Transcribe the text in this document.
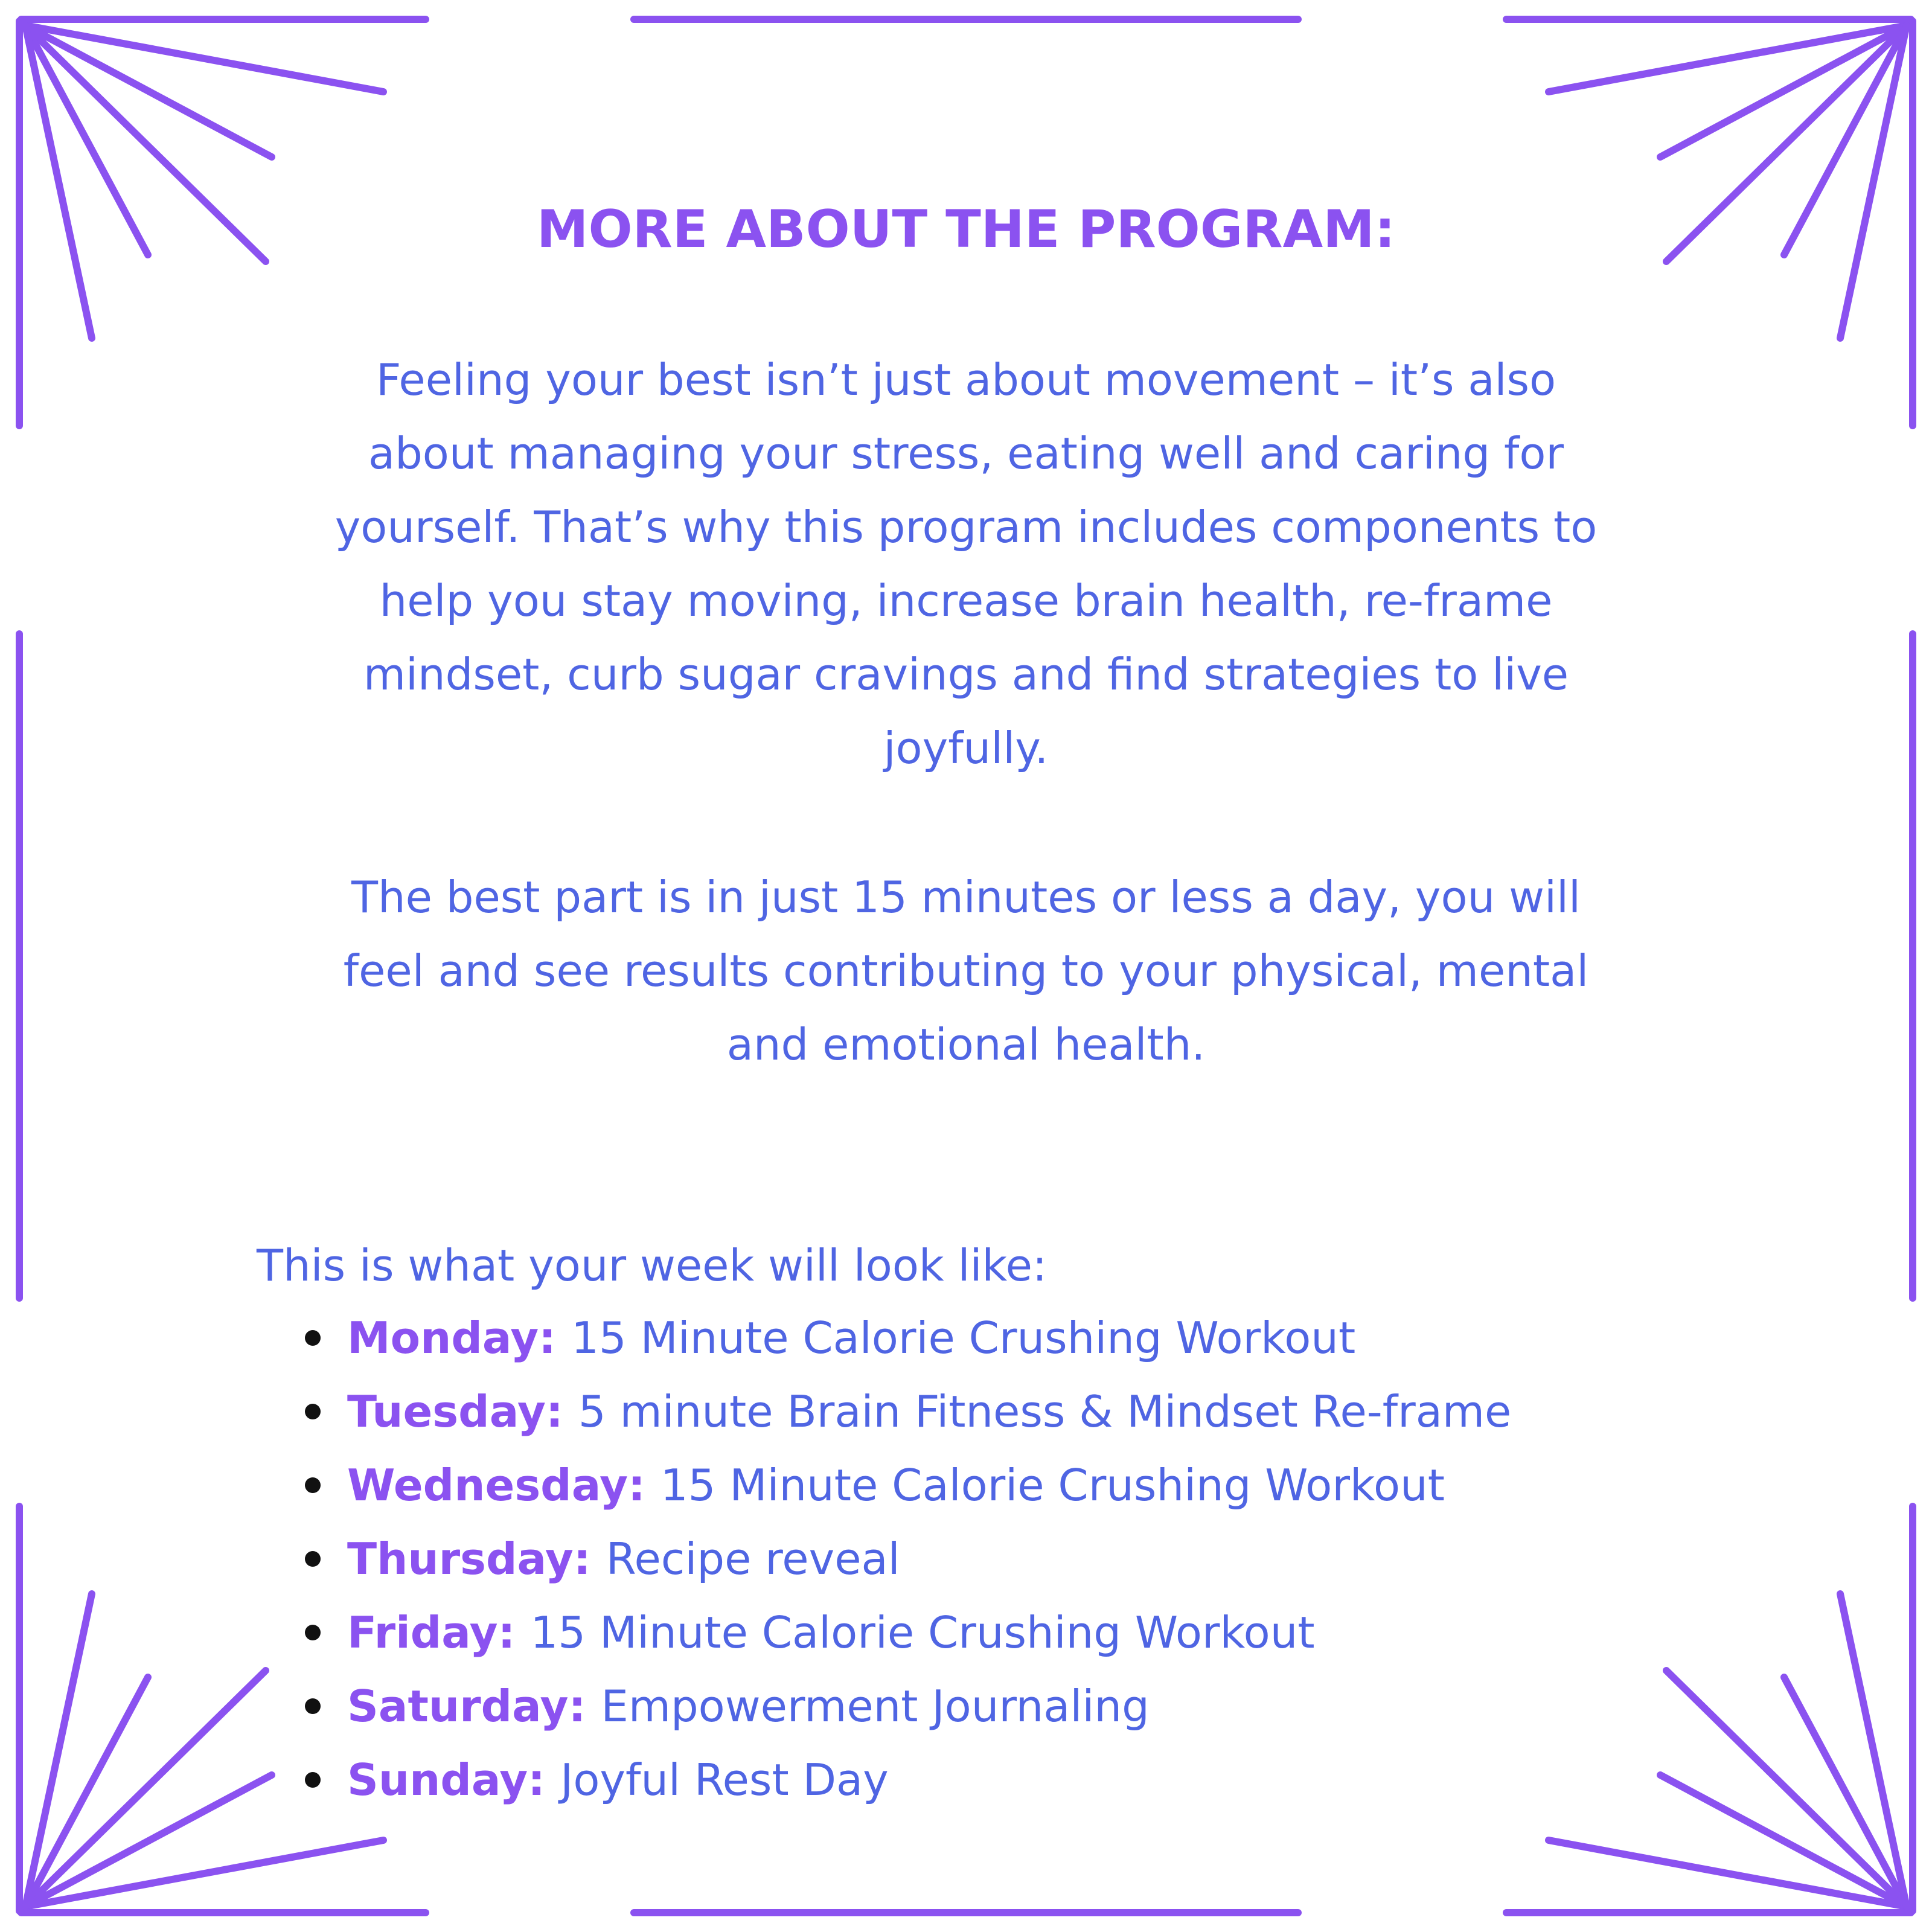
MORE ABOUT THE PROGRAM:
Feeling your best isn’t just about movement – it’s also
about managing your stress, eating well and caring for
yourself. That’s why this program includes components to
help you stay moving, increase brain health, re-frame
mindset, curb sugar cravings and find strategies to live
joyfully.
The best part is in just 15 minutes or less a day, you will
feel and see results contributing to your physical, mental
and emotional health.

This is what your week will look like:

Monday: 15 Minute Calorie Crushing Workout
Tuesday: 5 minute Brain Fitness & Mindset Re-frame
Wednesday: 15 Minute Calorie Crushing Workout
Thursday: Recipe reveal
Friday: 15 Minute Calorie Crushing Workout
Saturday: Empowerment Journaling
Sunday: Joyful Rest Day
